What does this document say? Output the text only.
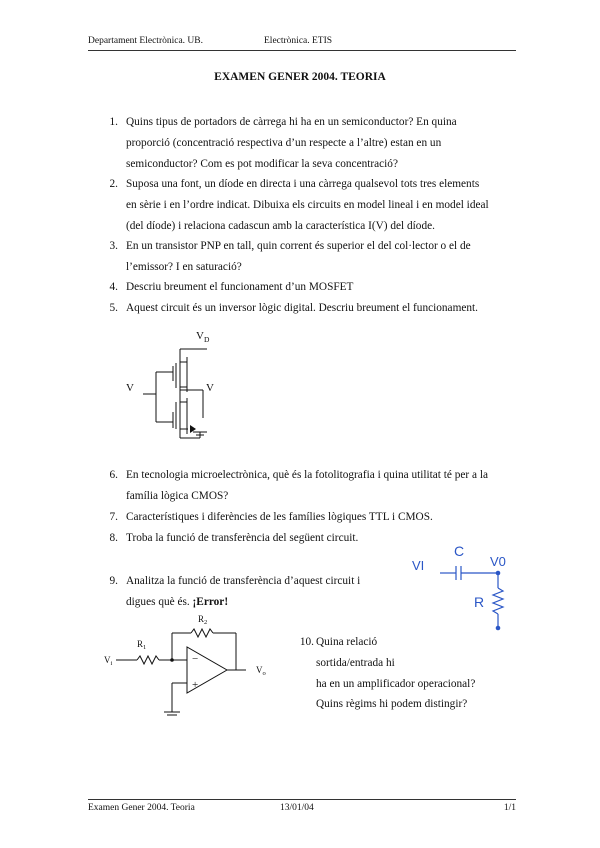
Departament Electrònica. UB.	Electrònica. ETIS
EXAMEN GENER 2004. TEORIA
1. Quins tipus de portadors de càrrega hi ha en un semiconductor? En quina
proporció (concentració respectiva d’un respecte a l’altre) estan en un
semiconductor? Com es pot modificar la seva concentració?
2. Suposa una font, un díode en directa i una càrrega qualsevol tots tres elements
en sèrie i en l’ordre indicat. Dibuixa els circuits en model lineal i en model ideal
(del díode) i relaciona cadascun amb la característica I(V) del díode.
3. En un transistor PNP en tall, quin corrent és superior el del col·lector o el de
l’emissor? I en saturació?
4. Descriu breument el funcionament d’un MOSFET
5. Aquest circuit és un inversor lògic digital. Descriu breument el funcionament.
$V_D$
V	V
6. En tecnologia microelectrònica, què és la fotolitografia i quina utilitat té per a la
família lògica CMOS?
7. Característiques i diferències de les famílies lògiques TTL i CMOS.
8. Troba la funció de transferència del següent circuit.
VI
C
V0
R
9. Analitza la funció de transferència d’aquest circuit i
digues què és. ¡Error!
−
+
$V_i$
$R_1$
$R_2$
$V_o$
10. Quina relació
sortida/entrada hi
ha en un amplificador operacional?
Quins règims hi podem distingir?
Examen Gener 2004. Teoria	13/01/04	1/1
